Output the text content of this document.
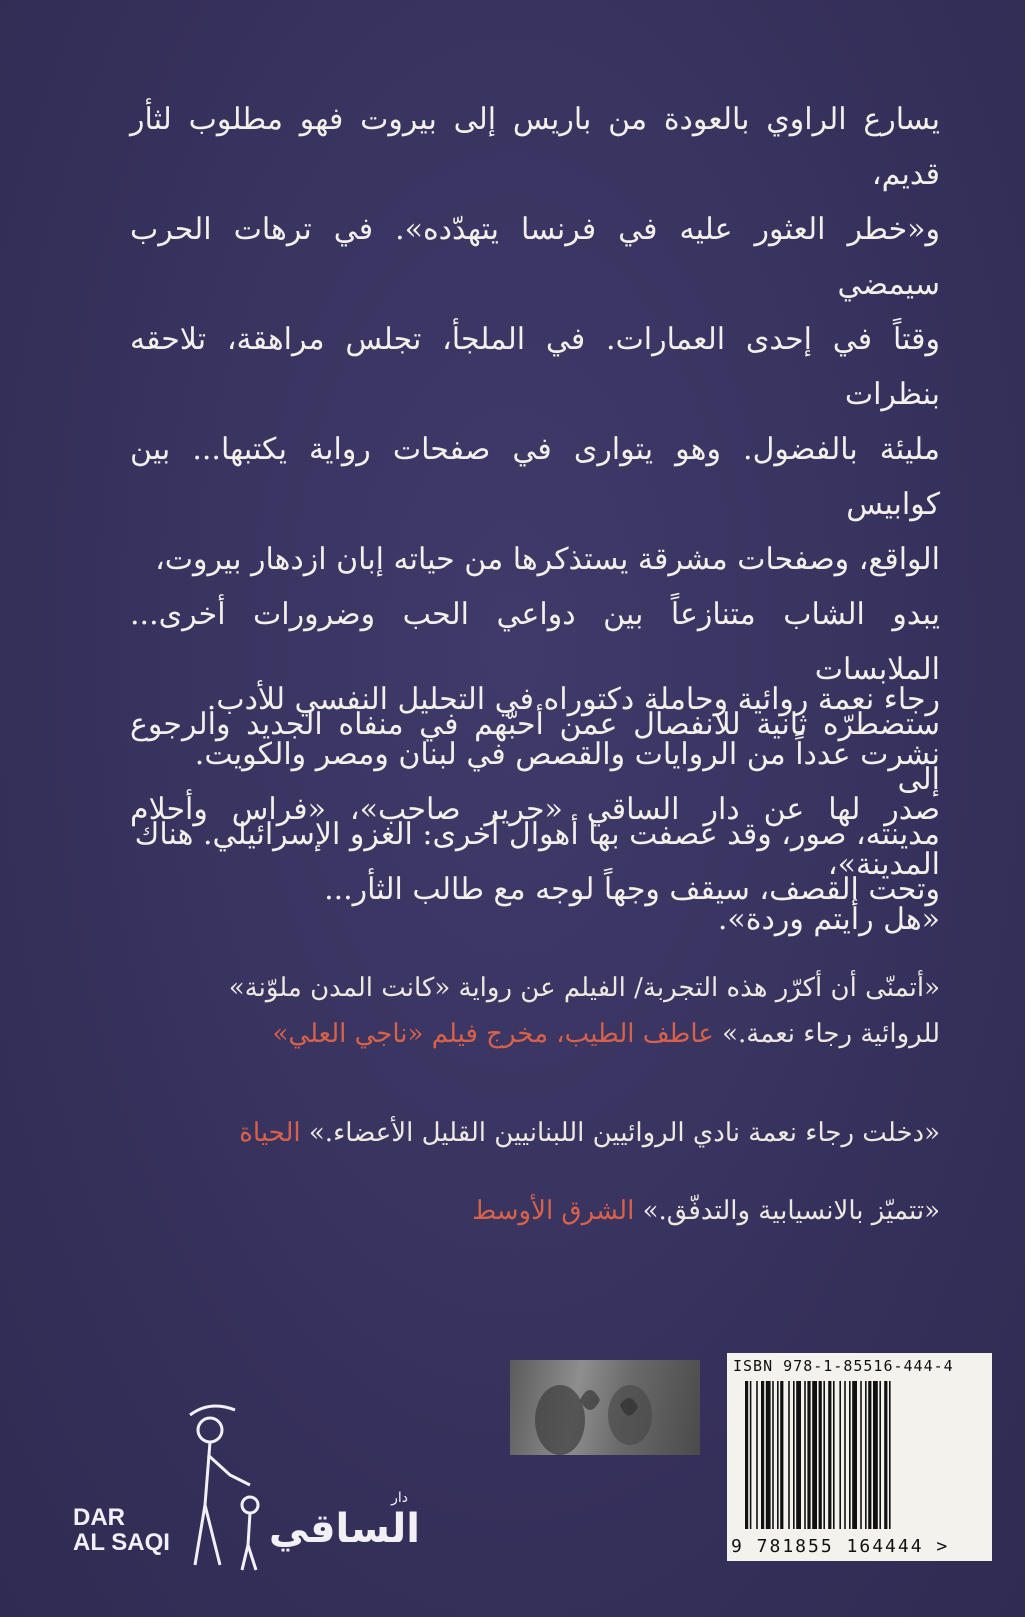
يسارع الراوي بالعودة من باريس إلى بيروت فهو مطلوب لثأر قديم،

و«خطر العثور عليه في فرنسا يتهدّده». في ترهات الحرب سيمضي

وقتاً في إحدى العمارات. في الملجأ، تجلس مراهقة، تلاحقه بنظرات

مليئة بالفضول. وهو يتوارى في صفحات رواية يكتبها... بين كوابيس

الواقع، وصفحات مشرقة يستذكرها من حياته إبان ازدهار بيروت،

يبدو الشاب متنازعاً بين دواعي الحب وضرورات أخرى... الملابسات

ستضطرّه ثانية للانفصال عمن أحبّهم في منفاه الجديد والرجوع إلى

مدينته، صور، وقد عصفت بها أهوال أخرى: الغزو الإسرائيلي. هناك

وتحت القصف، سيقف وجهاً لوجه مع طالب الثأر...

رجاء نعمة روائية وحاملة دكتوراه في التحليل النفسي للأدب.

نشرت عدداً من الروايات والقصص في لبنان ومصر والكويت.

صدر لها عن دار الساقي «حرير صاحب»، «فراس وأحلام المدينة»،

«هل رأيتم وردة».

«أتمنّى أن أكرّر هذه التجربة/ الفيلم عن رواية «كانت المدن ملوّنة»
للروائية رجاء نعمة.» عاطف الطيب، مخرج فيلم «ناجي العلي»
«دخلت رجاء نعمة نادي الروائيين اللبنانيين القليل الأعضاء.» الحياة
«تتميّز بالانسيابية والتدفّق.» الشرق الأوسط
ISBN 978-1-85516-444-4
9 781855 164444 >
DAR
AL SAQI
دار
الساقي
